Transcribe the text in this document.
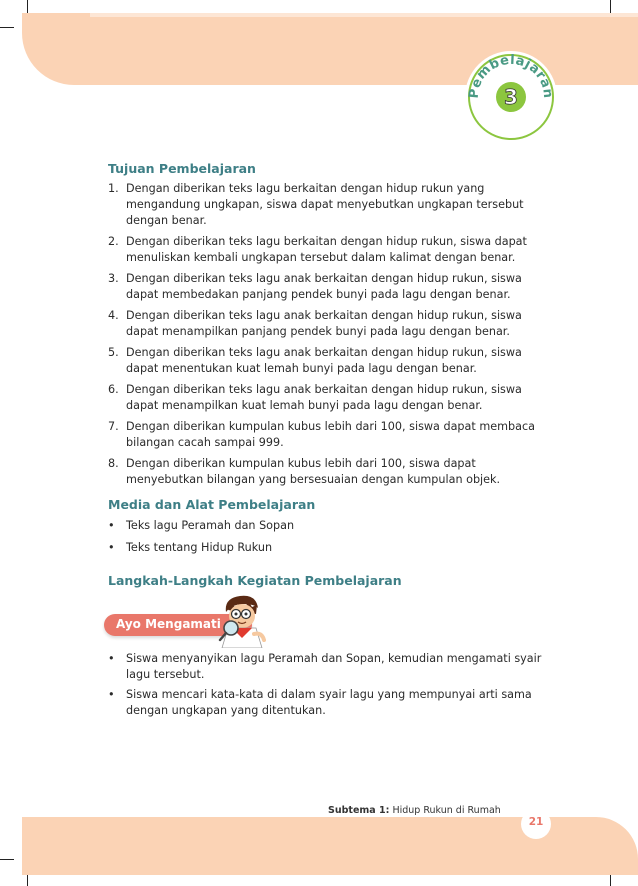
Pembelajaran
3
Tujuan Pembelajaran
1. Dengan diberikan teks lagu berkaitan dengan hidup rukun yang mengandung ungkapan, siswa dapat menyebutkan ungkapan tersebut dengan benar.
2. Dengan diberikan teks lagu berkaitan dengan hidup rukun, siswa dapat menuliskan kembali ungkapan tersebut dalam kalimat dengan benar.
3. Dengan diberikan teks lagu anak berkaitan dengan hidup rukun, siswa dapat membedakan panjang pendek bunyi pada lagu dengan benar.
4. Dengan diberikan teks lagu anak berkaitan dengan hidup rukun, siswa dapat menampilkan panjang pendek bunyi pada lagu dengan benar.
5. Dengan diberikan teks lagu anak berkaitan dengan hidup rukun, siswa dapat menentukan kuat lemah bunyi pada lagu dengan benar.
6. Dengan diberikan teks lagu anak berkaitan dengan hidup rukun, siswa dapat menampilkan kuat lemah bunyi pada lagu dengan benar.
7. Dengan diberikan kumpulan kubus lebih dari 100, siswa dapat membaca bilangan cacah sampai 999.
8. Dengan diberikan kumpulan kubus lebih dari 100, siswa dapat menyebutkan bilangan yang bersesuaian dengan kumpulan objek.
Media dan Alat Pembelajaran
• Teks lagu Peramah dan Sopan
• Teks tentang Hidup Rukun
Langkah-Langkah Kegiatan Pembelajaran
Ayo Mengamati
• Siswa menyanyikan lagu Peramah dan Sopan, kemudian mengamati syair lagu tersebut.
• Siswa mencari kata-kata di dalam syair lagu yang mempunyai arti sama dengan ungkapan yang ditentukan.
Subtema 1: Hidup Rukun di Rumah
21
